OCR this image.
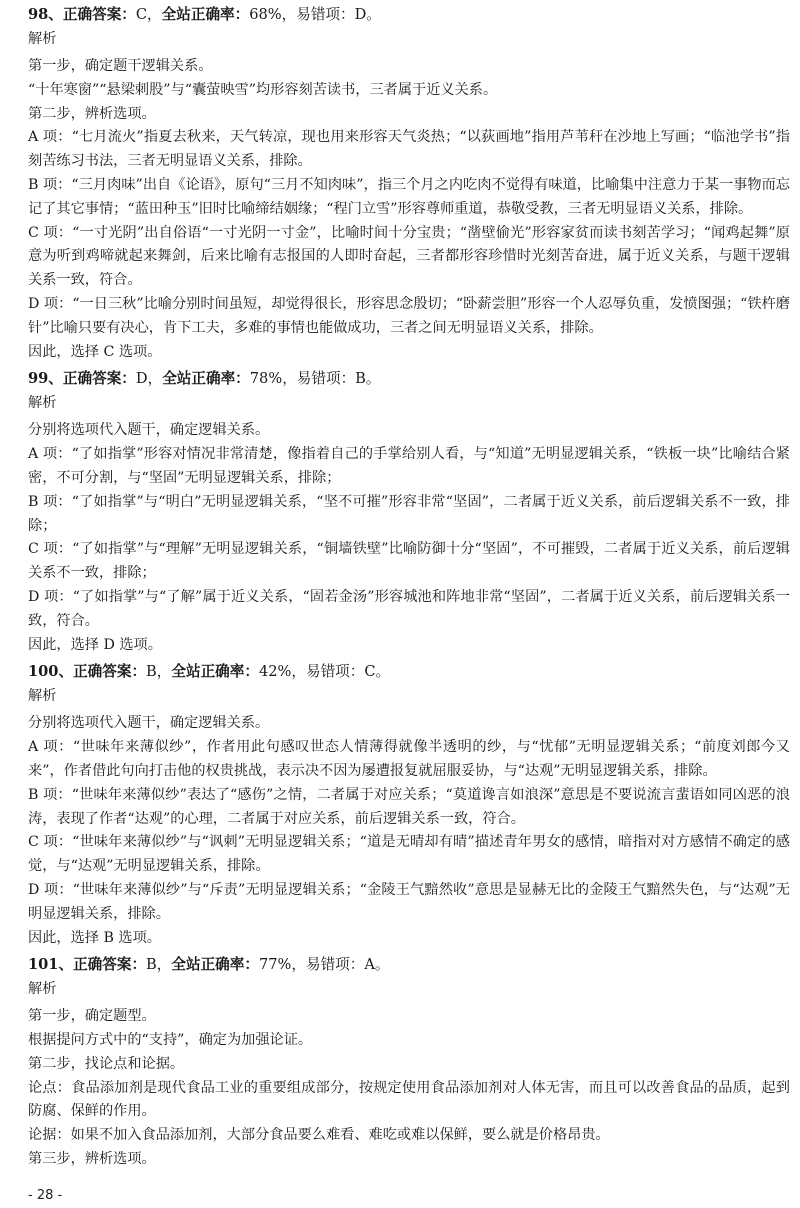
98、正确答案：C，全站正确率：68%，易错项：D。

解析

第一步，确定题干逻辑关系。

“十年寒窗”“悬梁刺股”与“囊萤映雪”均形容刻苦读书，三者属于近义关系。

第二步，辨析选项。

A 项：“七月流火”指夏去秋来，天气转凉，现也用来形容天气炎热；“以荻画地”指用芦苇秆在沙地上写画；“临池学书”指刻苦练习书法，三者无明显语义关系，排除。

B 项：“三月肉味”出自《论语》，原句“三月不知肉味”，指三个月之内吃肉不觉得有味道，比喻集中注意力于某一事物而忘记了其它事情；“蓝田种玉”旧时比喻缔结姻缘；“程门立雪”形容尊师重道，恭敬受教，三者无明显语义关系，排除。

C 项：“一寸光阴”出自俗语“一寸光阴一寸金”，比喻时间十分宝贵；“凿壁偷光”形容家贫而读书刻苦学习；“闻鸡起舞”原意为听到鸡啼就起来舞剑，后来比喻有志报国的人即时奋起，三者都形容珍惜时光刻苦奋进，属于近义关系，与题干逻辑关系一致，符合。

D 项：“一日三秋”比喻分别时间虽短，却觉得很长，形容思念殷切；“卧薪尝胆”形容一个人忍辱负重，发愤图强；“铁杵磨针”比喻只要有决心，肯下工夫，多难的事情也能做成功，三者之间无明显语义关系，排除。

因此，选择 C 选项。

99、正确答案：D，全站正确率：78%，易错项：B。

解析

分别将选项代入题干，确定逻辑关系。

A 项：“了如指掌”形容对情况非常清楚，像指着自己的手掌给别人看，与“知道”无明显逻辑关系，“铁板一块”比喻结合紧密，不可分割，与“坚固”无明显逻辑关系，排除；

B 项：“了如指掌”与“明白”无明显逻辑关系，“坚不可摧”形容非常“坚固”，二者属于近义关系，前后逻辑关系不一致，排除；

C 项：“了如指掌”与“理解”无明显逻辑关系，“铜墙铁壁”比喻防御十分“坚固”，不可摧毁，二者属于近义关系，前后逻辑关系不一致，排除；

D 项：“了如指掌”与“了解”属于近义关系，“固若金汤”形容城池和阵地非常“坚固”，二者属于近义关系，前后逻辑关系一致，符合。

因此，选择 D 选项。

100、正确答案：B，全站正确率：42%，易错项：C。

解析

分别将选项代入题干，确定逻辑关系。

A 项：“世味年来薄似纱”，作者用此句感叹世态人情薄得就像半透明的纱，与“忧郁”无明显逻辑关系；“前度刘郎今又来”，作者借此句向打击他的权贵挑战，表示决不因为屡遭报复就屈服妥协，与“达观”无明显逻辑关系，排除。

B 项：“世味年来薄似纱”表达了“感伤”之情，二者属于对应关系；“莫道谗言如浪深”意思是不要说流言蜚语如同凶恶的浪涛，表现了作者“达观”的心理，二者属于对应关系，前后逻辑关系一致，符合。

C 项：“世味年来薄似纱”与“讽刺”无明显逻辑关系；“道是无晴却有晴”描述青年男女的感情，暗指对对方感情不确定的感觉，与“达观”无明显逻辑关系，排除。

D 项：“世味年来薄似纱”与“斥责”无明显逻辑关系；“金陵王气黯然收”意思是显赫无比的金陵王气黯然失色，与“达观”无明显逻辑关系，排除。

因此，选择 B 选项。

101、正确答案：B，全站正确率：77%，易错项：A。

解析

第一步，确定题型。

根据提问方式中的“支持”，确定为加强论证。

第二步，找论点和论据。

论点：食品添加剂是现代食品工业的重要组成部分，按规定使用食品添加剂对人体无害，而且可以改善食品的品质，起到防腐、保鲜的作用。

论据：如果不加入食品添加剂，大部分食品要么难看、难吃或难以保鲜，要么就是价格昂贵。

第三步，辨析选项。

- 28 -
